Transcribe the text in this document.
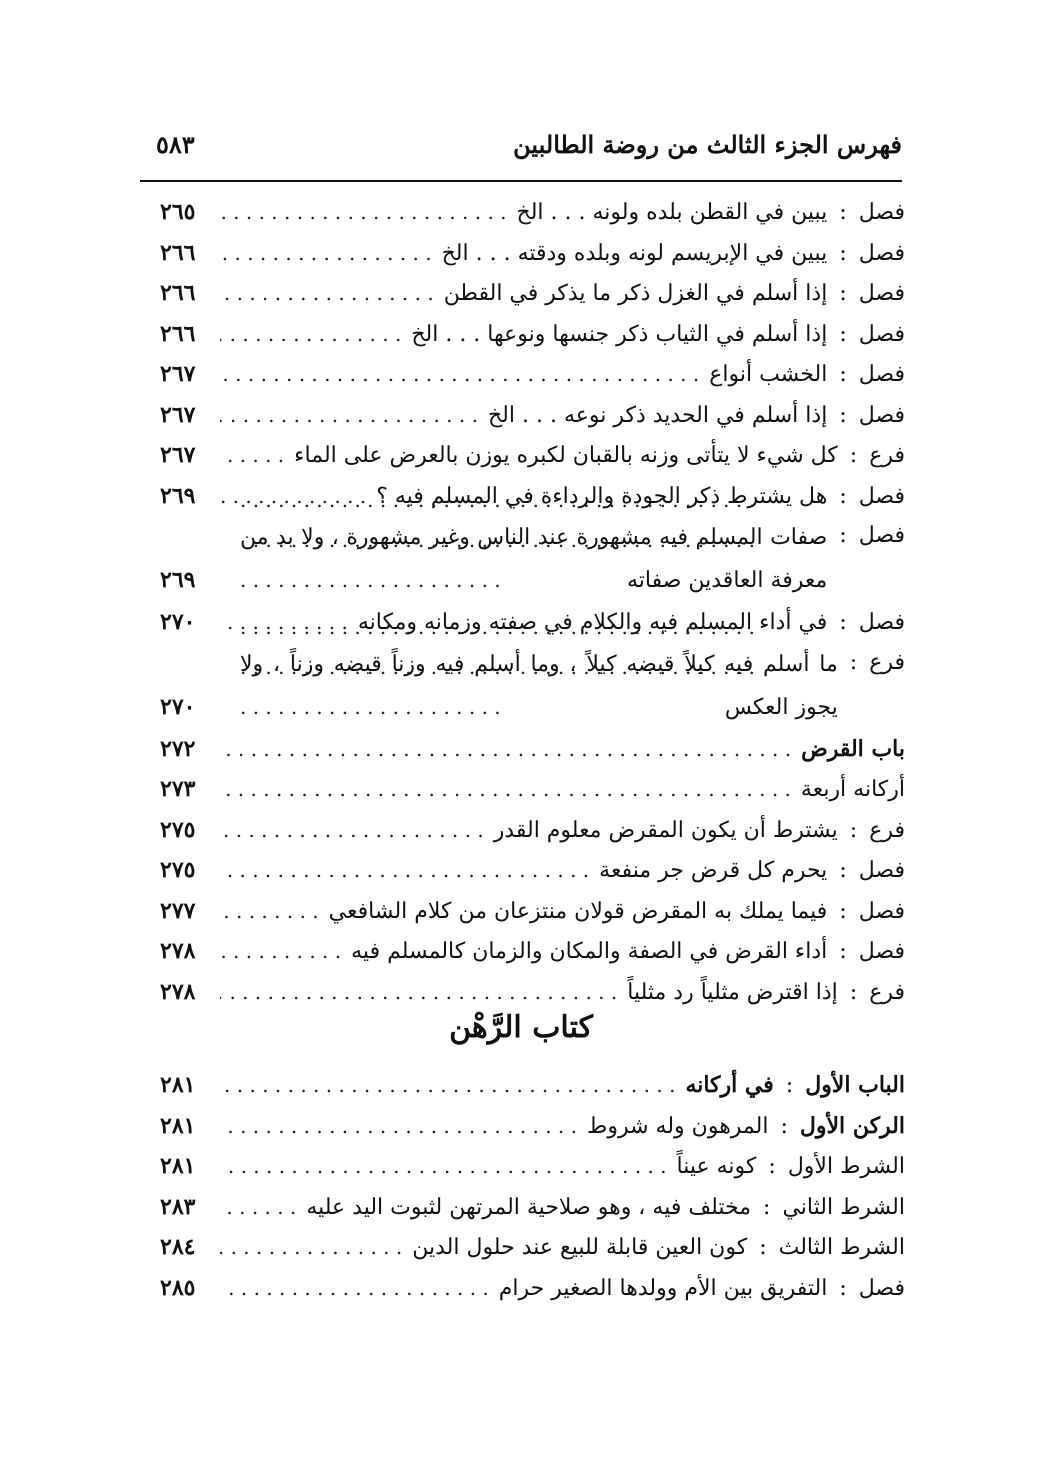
فهرس الجزء الثالث من روضة الطالبين
٥٨٣
فصل
:
يبين في القطن بلده ولونه . . . الخ
. . .
٢٦٥
فصل
:
يبين في الإبريسم لونه وبلده ودقته . . . الخ
. . .
٢٦٦
فصل
:
إذا أسلم في الغزل ذكر ما يذكر في القطن
. . .
٢٦٦
فصل
:
إذا أسلم في الثياب ذكر جنسها ونوعها . . . الخ
. . .
٢٦٦
فصل
:
الخشب أنواع
. . .
٢٦٧
فصل
:
إذا أسلم في الحديد ذكر نوعه . . . الخ
. . .
٢٦٧
فرع
:
كل شيء لا يتأتى وزنه بالقبان لكبره يوزن بالعرض على الماء
. . .
٢٦٧
فصل
:
هل يشترط ذكر الجودة والرداءة في المسلم فيه ؟
. . .
٢٦٩
فصل
:
صفات المسلم فيه مشهورة عند الناس وغير مشهورة ، ولا بد من معرفة العاقدين صفاته
. . .
٢٦٩
فصل
:
في أداء المسلم فيه والكلام في صفته وزمانه ومكانه
. . .
٢٧٠
فرع
:
ما أسلم فيه كيلاً قبضه كيلاً ، وما أسلم فيه وزناً قبضه وزناً ، ولا يجوز العكس
. . .
٢٧٠
باب القرض
. . .
٢٧٢
أركانه أربعة
. . .
٢٧٣
فرع
:
يشترط أن يكون المقرض معلوم القدر
. . .
٢٧٥
فصل
:
يحرم كل قرض جر منفعة
. . .
٢٧٥
فصل
:
فيما يملك به المقرض قولان منتزعان من كلام الشافعي
. . .
٢٧٧
فصل
:
أداء القرض في الصفة والمكان والزمان كالمسلم فيه
. . .
٢٧٨
فرع
:
إذا اقترض مثلياً رد مثلياً
. . .
٢٧٨
كتاب الرَّهْن
الباب الأول
:
في أركانه
. . .
٢٨١
الركن الأول
:
المرهون وله شروط
. . .
٢٨١
الشرط الأول
:
كونه عيناً
. . .
٢٨١
الشرط الثاني
:
مختلف فيه ، وهو صلاحية المرتهن لثبوت اليد عليه
. . .
٢٨٣
الشرط الثالث
:
كون العين قابلة للبيع عند حلول الدين
. . .
٢٨٤
فصل
:
التفريق بين الأم وولدها الصغير حرام
. . .
٢٨٥
